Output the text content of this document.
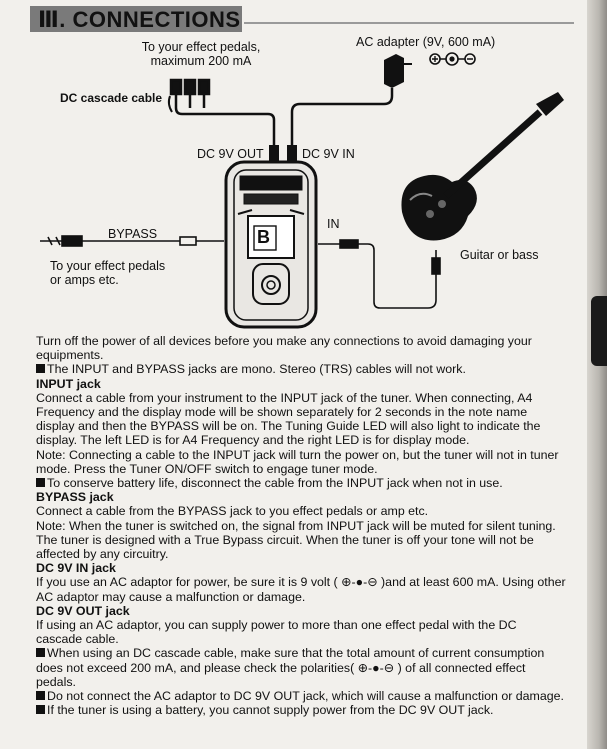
Ⅲ. CONNECTIONS
To your effect pedals,
maximum 200 mA
AC adapter (9V, 600 mA)
DC cascade cable
DC 9V OUT	DC 9V IN
BYPASS
IN
To your effect pedals
or amps etc.
Guitar or bass
B

Turn off the power of all devices before you make any connections to avoid damaging your equipments.

The INPUT and BYPASS jacks are mono. Stereo (TRS) cables will not work.

INPUT jack

Connect a cable from your instrument to the INPUT jack of the tuner. When connecting, A4 Frequency and the display mode will be shown separately for 2 seconds in the note name display and then the BYPASS will be on. The Tuning Guide LED will also light to indicate the display. The left LED is for A4 Frequency and the right LED is for display mode.

Note: Connecting a cable to the INPUT jack will turn the power on, but the tuner will not in tuner mode. Press the Tuner ON/OFF switch to engage tuner mode.

To conserve battery life, disconnect the cable from the INPUT jack when not in use.

BYPASS jack

Connect a cable from the BYPASS jack to you effect pedals or amp etc.

Note: When the tuner is switched on, the signal from INPUT jack will be muted for silent tuning. The tuner is designed with a True Bypass circuit. When the tuner is off your tone will not be affected by any circuitry.

DC 9V IN jack

If you use an AC adaptor for power, be sure it is 9 volt ( ⊕-●-⊖ )and at least 600 mA. Using other AC adaptor may cause a malfunction or damage.

DC 9V OUT jack

If using an AC adaptor, you can supply power to more than one effect pedal with the DC cascade cable.

When using an DC cascade cable, make sure that the total amount of current consumption does not exceed 200 mA, and please check the polarities( ⊕-●-⊖ ) of all connected effect pedals.

Do not connect the AC adaptor to DC 9V OUT jack, which will cause a malfunction or damage.

If the tuner is using a battery, you cannot supply power from the DC 9V OUT jack.
